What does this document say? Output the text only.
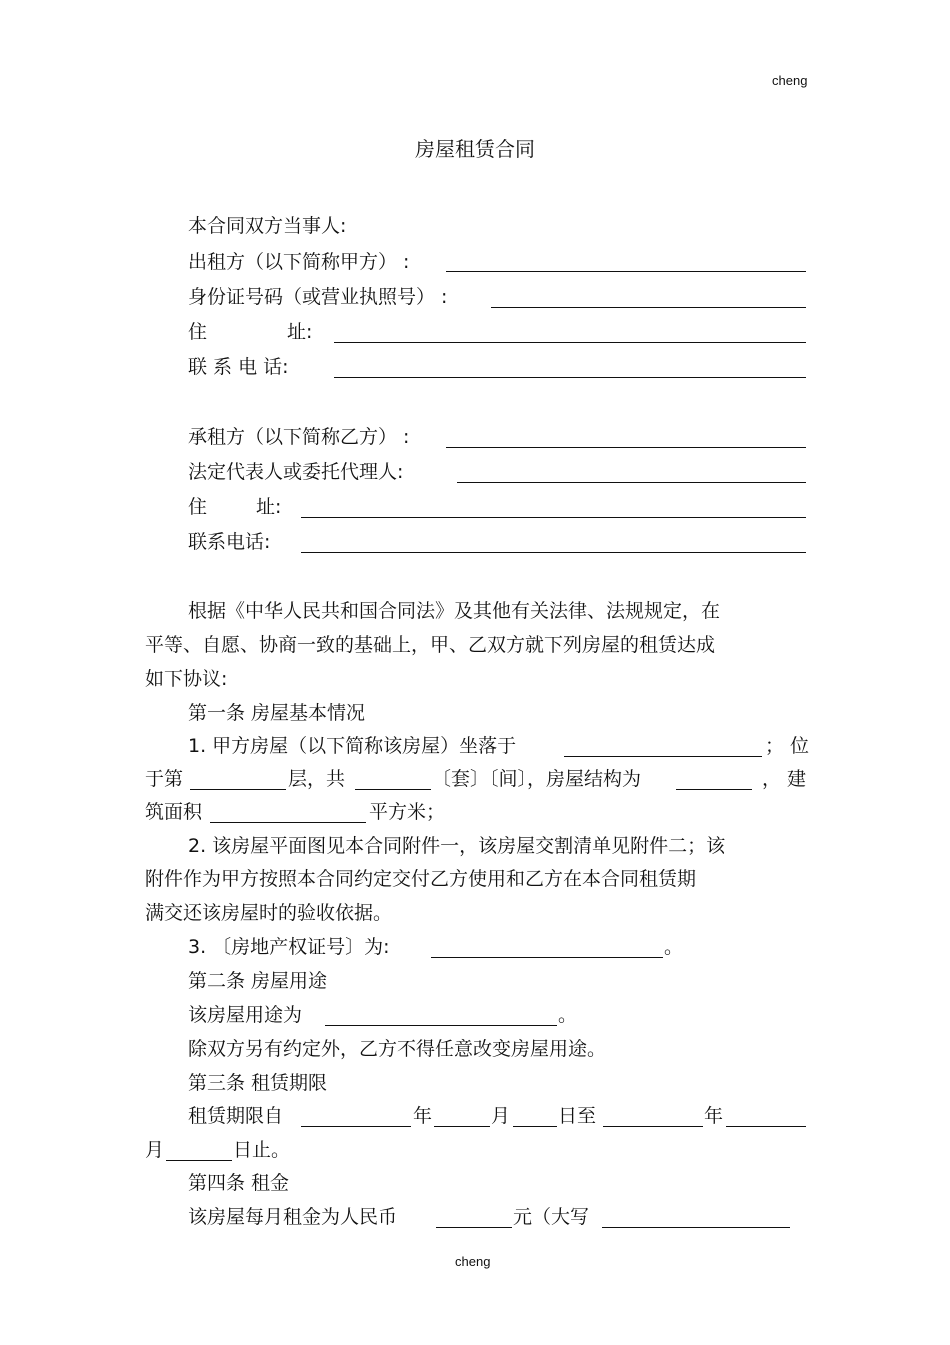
cheng
房屋租赁合同
本合同双方当事人:
出租方（以下简称甲方） :
身份证号码（或营业执照号） :
住	址:
联 系 电 话:
承租方（以下简称乙方） :
法定代表人或委托代理人:
住	址:
联系电话:
根据《中华人民共和国合同法》及其他有关法律、法规规定，在
平等、自愿、协商一致的基础上，甲、乙双方就下列房屋的租赁达成
如下协议:
第一条 房屋基本情况
1. 甲方房屋（以下简称该房屋）坐落于	； 位
于第	层，共	〔套〕〔间〕，房屋结构为	， 建
筑面积	平方米；
2. 该房屋平面图见本合同附件一，该房屋交割清单见附件二；该
附件作为甲方按照本合同约定交付乙方使用和乙方在本合同租赁期
满交还该房屋时的验收依据。
3. 〔房地产权证号〕为:	。
第二条 房屋用途
该房屋用途为	。
除双方另有约定外，乙方不得任意改变房屋用途。
第三条 租赁期限
租赁期限自	年	月	日至	年
月	日止。
第四条 租金
该房屋每月租金为人民币	元（大写
cheng
